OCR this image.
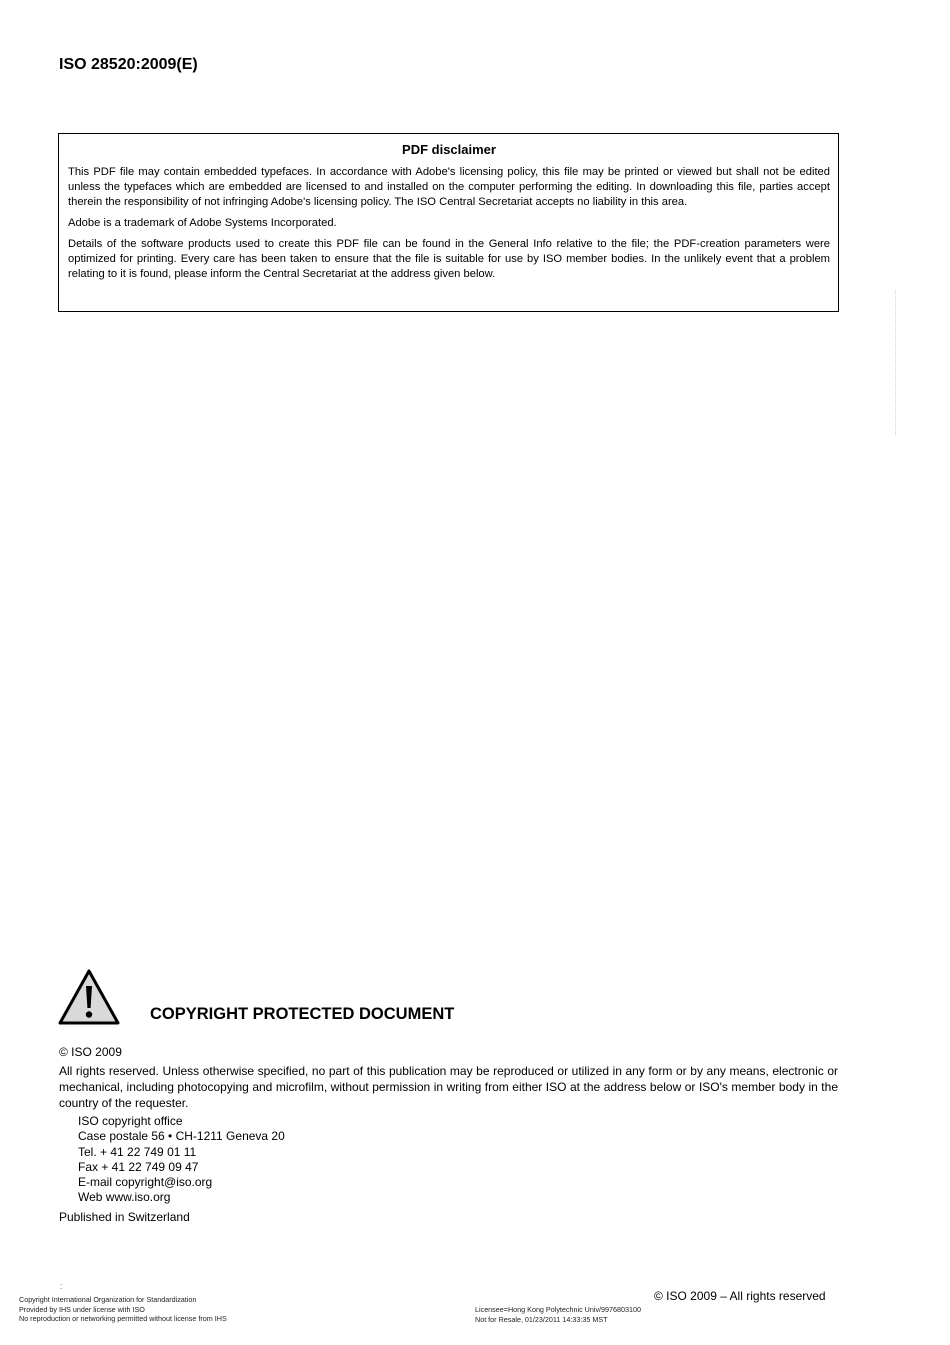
ISO 28520:2009(E)
PDF disclaimer

This PDF file may contain embedded typefaces. In accordance with Adobe's licensing policy, this file may be printed or viewed but shall not be edited unless the typefaces which are embedded are licensed to and installed on the computer performing the editing. In downloading this file, parties accept therein the responsibility of not infringing Adobe's licensing policy. The ISO Central Secretariat accepts no liability in this area.

Adobe is a trademark of Adobe Systems Incorporated.

Details of the software products used to create this PDF file can be found in the General Info relative to the file; the PDF-creation parameters were optimized for printing. Every care has been taken to ensure that the file is suitable for use by ISO member bodies. In the unlikely event that a problem relating to it is found, please inform the Central Secretariat at the address given below.

COPYRIGHT PROTECTED DOCUMENT
© ISO 2009

All rights reserved. Unless otherwise specified, no part of this publication may be reproduced or utilized in any form or by any means, electronic or mechanical, including photocopying and microfilm, without permission in writing from either ISO at the address below or ISO's member body in the country of the requester.

ISO copyright office
Case postale 56 • CH-1211 Geneva 20
Tel. + 41 22 749 01 11
Fax + 41 22 749 09 47
E-mail copyright@iso.org
Web www.iso.org
Published in Switzerland
⁚
Copyright International Organization for Standardization
Provided by IHS under license with ISO
No reproduction or networking permitted without license from IHS
Licensee=Hong Kong Polytechnic Univ/9976803100
Not for Resale, 01/23/2011 14:33:35 MST
© ISO 2009 – All rights reserved
